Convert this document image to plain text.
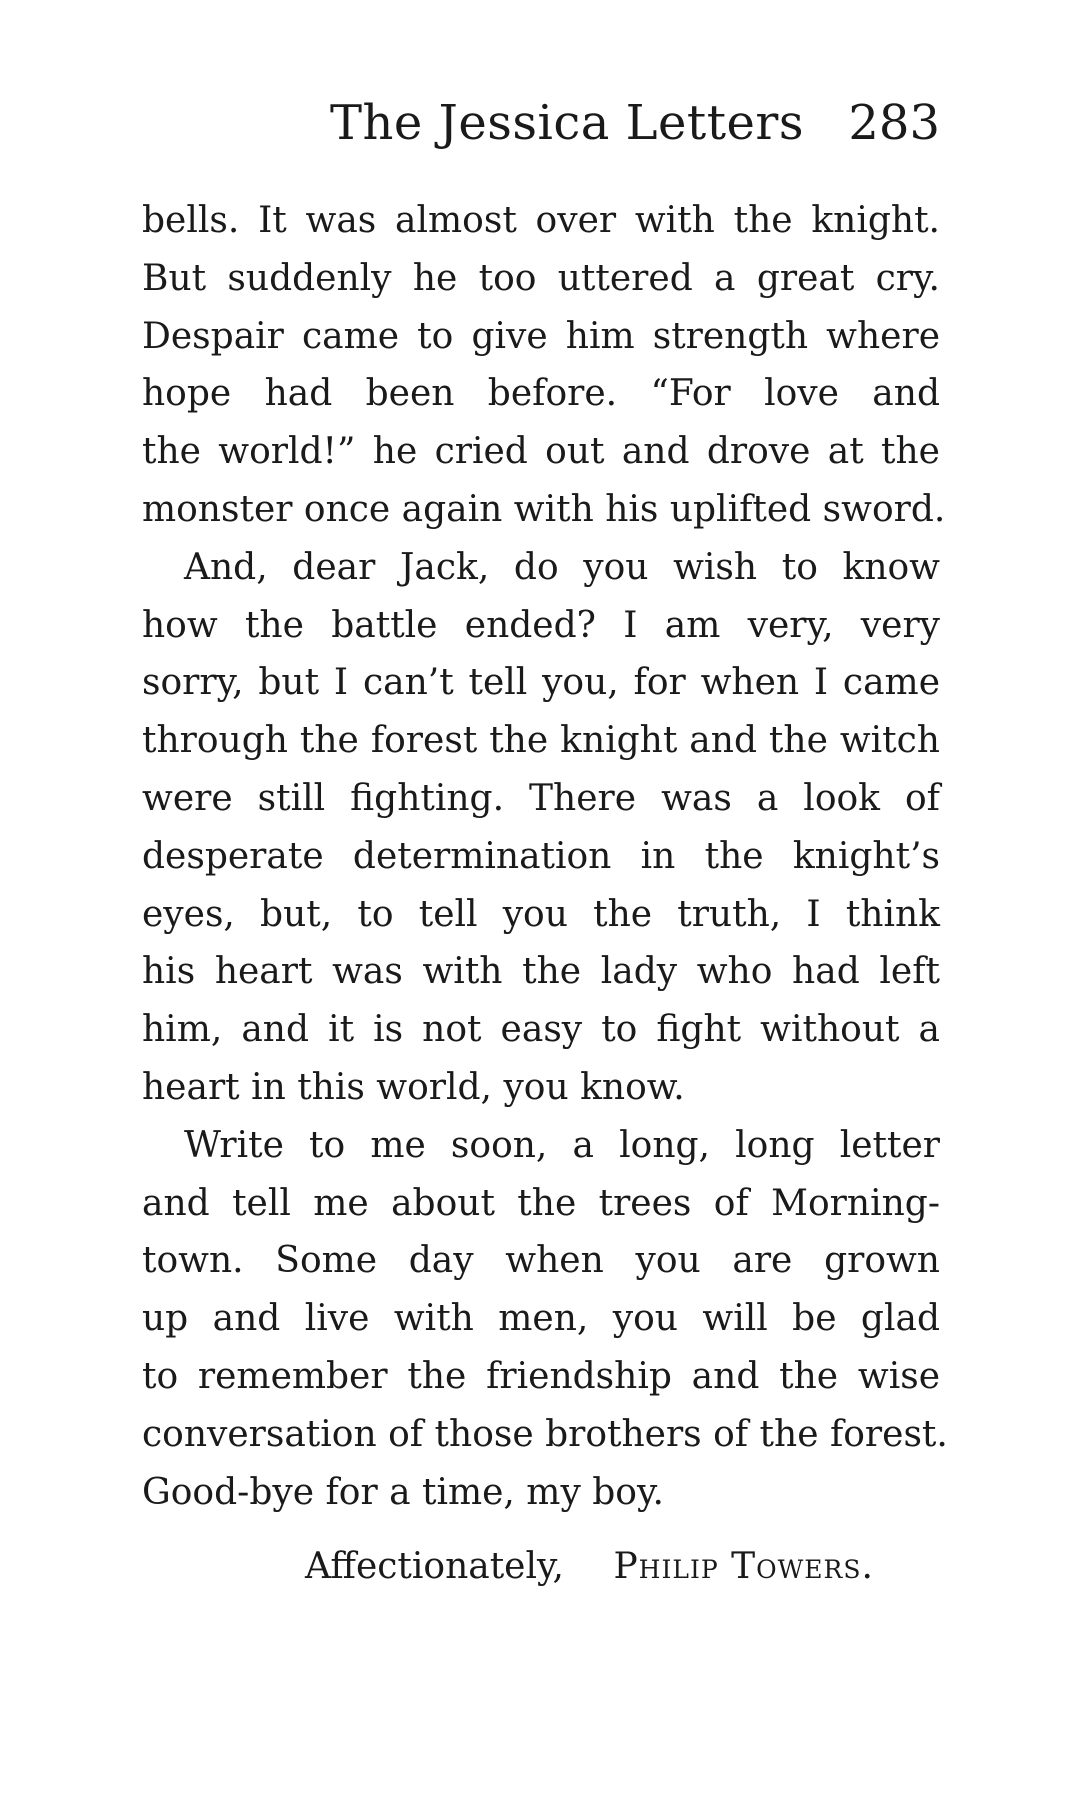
The Jessica Letters 283
bells. It was almost over with the knight.
But suddenly he too uttered a great cry.
Despair came to give him strength where
hope had been before. “For love and
the world!” he cried out and drove at the
monster once again with his uplifted sword.
And, dear Jack, do you wish to know
how the battle ended? I am very, very
sorry, but I can’t tell you, for when I came
through the forest the knight and the witch
were still fighting. There was a look of
desperate determination in the knight’s
eyes, but, to tell you the truth, I think
his heart was with the lady who had left
him, and it is not easy to fight without a
heart in this world, you know.
Write to me soon, a long, long letter
and tell me about the trees of Morning-
town. Some day when you are grown
up and live with men, you will be glad
to remember the friendship and the wise
conversation of those brothers of the forest.
Good-bye for a time, my boy.
Affectionately, Philip Towers.
